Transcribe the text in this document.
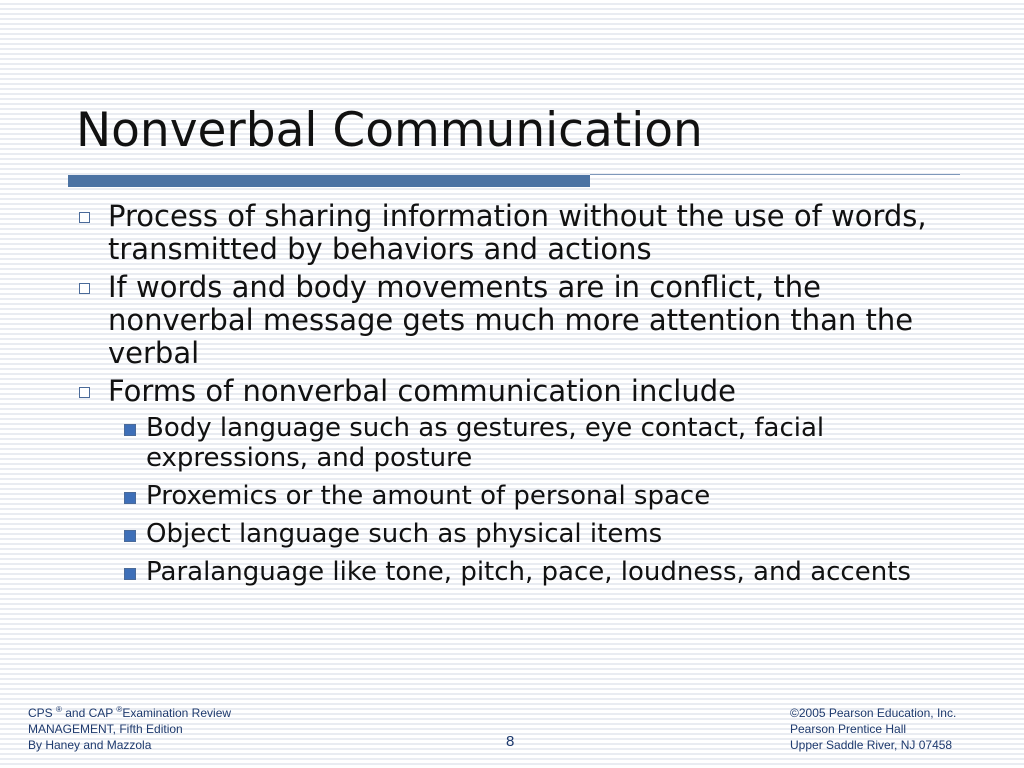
Nonverbal Communication
Process of sharing information without the use of words, transmitted by behaviors and actions
If words and body movements are in conflict, the nonverbal message gets much more attention than the verbal
Forms of nonverbal communication include
Body language such as gestures, eye contact, facial expressions, and posture
Proxemics or the amount of personal space
Object language such as physical items
Paralanguage like tone, pitch, pace, loudness, and accents
CPS ® and CAP ®Examination Review
MANAGEMENT, Fifth Edition
By Haney and Mazzola	8
©2005 Pearson Education, Inc.
Pearson Prentice Hall
Upper Saddle River, NJ 07458
